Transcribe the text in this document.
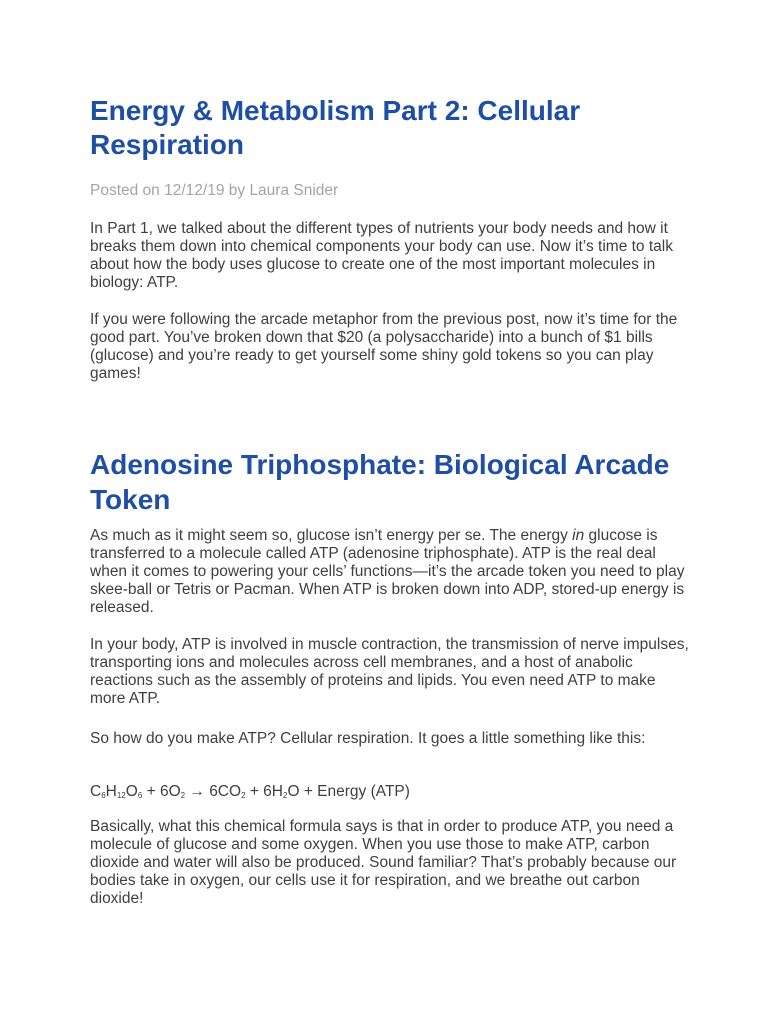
Energy & Metabolism Part 2: Cellular Respiration
Posted on 12/12/19 by Laura Snider

In Part 1, we talked about the different types of nutrients your body needs and how it breaks them down into chemical components your body can use. Now it’s time to talk about how the body uses glucose to create one of the most important molecules in biology: ATP.

If you were following the arcade metaphor from the previous post, now it’s time for the good part. You’ve broken down that $20 (a polysaccharide) into a bunch of $1 bills (glucose) and you’re ready to get yourself some shiny gold tokens so you can play games!

Adenosine Triphosphate: Biological Arcade Token

As much as it might seem so, glucose isn’t energy per se. The energy in glucose is transferred to a molecule called ATP (adenosine triphosphate). ATP is the real deal when it comes to powering your cells’ functions—it’s the arcade token you need to play skee-ball or Tetris or Pacman. When ATP is broken down into ADP, stored-up energy is released.

In your body, ATP is involved in muscle contraction, the transmission of nerve impulses, transporting ions and molecules across cell membranes, and a host of anabolic reactions such as the assembly of proteins and lipids. You even need ATP to make more ATP.

So how do you make ATP? Cellular respiration. It goes a little something like this:

$C_6H_{12}O_6 + 6O_2 \to 6CO_2 + 6H_2O$ + Energy (ATP)

Basically, what this chemical formula says is that in order to produce ATP, you need a molecule of glucose and some oxygen. When you use those to make ATP, carbon dioxide and water will also be produced. Sound familiar? That’s probably because our bodies take in oxygen, our cells use it for respiration, and we breathe out carbon dioxide!
